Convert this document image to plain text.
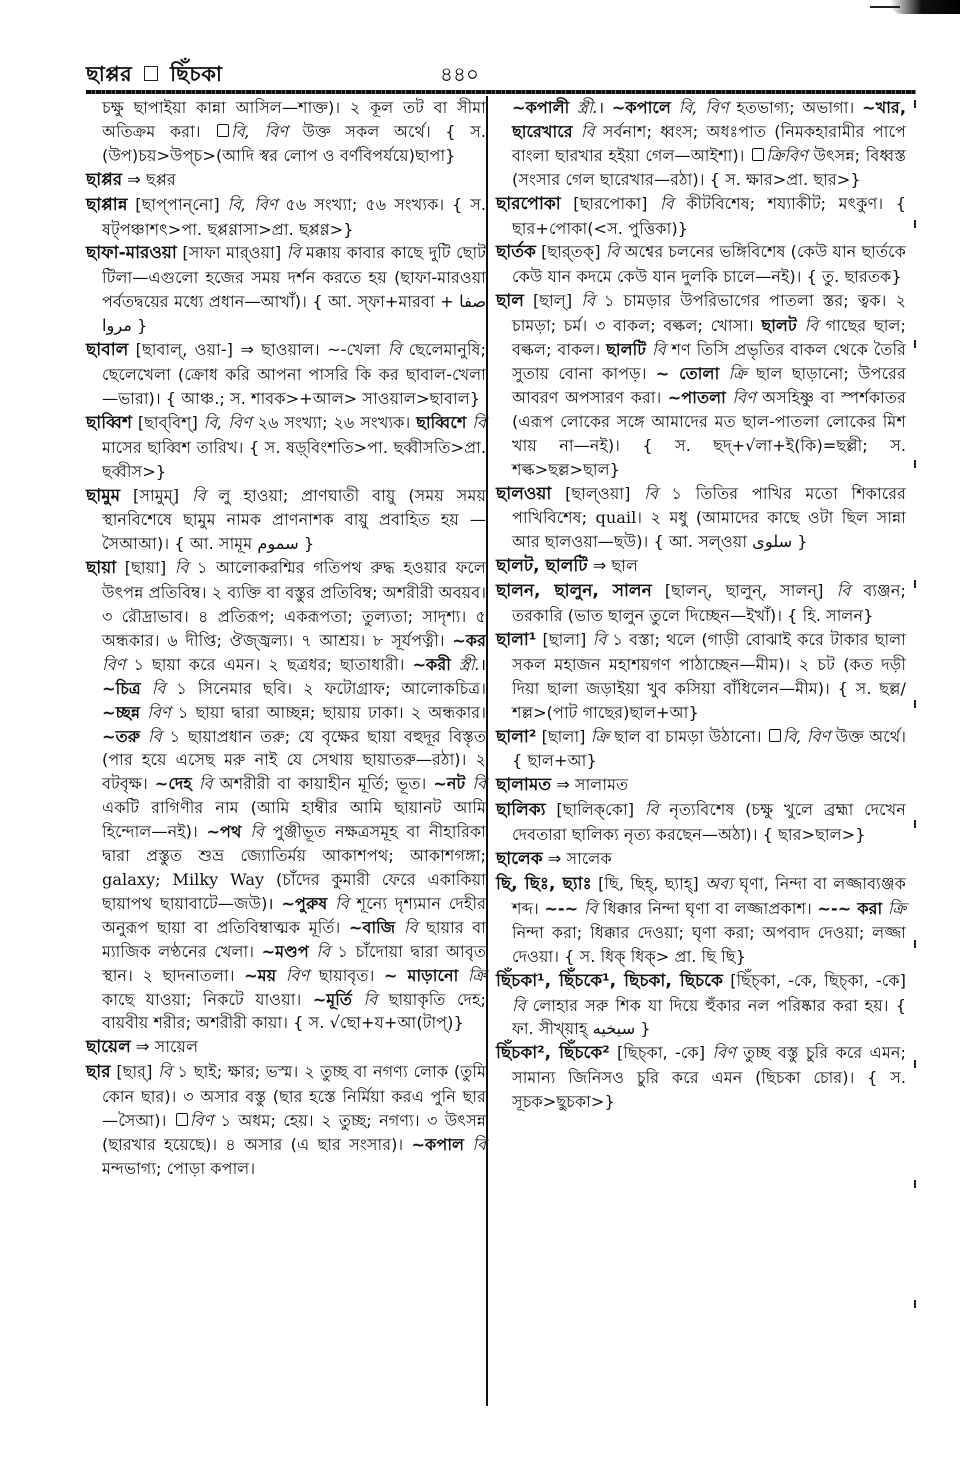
ছাপ্পর ছিঁচকা	৪৪০

চক্ষু ছাপাইয়া কান্না আসিল—শাক্ত)। ২ কূল তট বা সীমা অতিক্রম করা। বি, বিণ উক্ত সকল অর্থে। { স. (উপ)চয়>উপ্‌চ>(আদি স্বর লোপ ও বর্ণবিপর্যয়ে)ছাপা}

ছাপ্পর ⇒ ছপ্পর

ছাপ্পান্ন [ছাপ্‌পান্‌নো] বি, বিণ ৫৬ সংখ্যা; ৫৬ সংখ্যক। { স. ষট্‌পঞ্চাশৎ>পা. ছপ্পণ্ণাসা>প্রা. ছপ্পণ্ণ>}

ছাফা-মারওয়া [সাফা মার্‌ওয়া] বি মক্কায় কাবার কাছে দুটি ছোট টিলা—এগুলো হজের সময় দর্শন করতে হয় (ছাফা-মারওয়া পর্বতদ্বয়ের মধ্যে প্রধান—আখাঁ)। { আ. স্‌ফা+মারবা صفا + مروا }

ছাবাল [ছাবাল্‌, ওয়া-] ⇒ ছাওয়াল। ~-খেলা বি ছেলেমানুষি; ছেলেখেলা (ক্রোধ করি আপনা পাসরি কি কর ছাবাল-খেলা—ভারা)। { আঞ্চ.; স. শাবক>+আল> সাওয়াল>ছাবাল}

ছাব্বিশ [ছাব্‌বিশ্‌] বি, বিণ ২৬ সংখ্যা; ২৬ সংখ্যক। ছাব্বিশে বি মাসের ছাব্বিশ তারিখ। { স. ষড়্‌বিংশতি>পা. ছব্বীসতি>প্রা. ছব্বীস>}

ছামুম [সামুম্‌] বি লু হাওয়া; প্রাণঘাতী বায়ু (সময় সময় স্থানবিশেষে ছামুম নামক প্রাণনাশক বায়ু প্রবাহিত হয় —সৈআআ)। { আ. সামূম سموم }

ছায়া [ছায়া] বি ১ আলোকরশ্মির গতিপথ রুদ্ধ হওয়ার ফলে উৎপন্ন প্রতিবিম্ব। ২ ব্যক্তি বা বস্তুর প্রতিবিম্ব; অশরীরী অবয়ব। ৩ রৌদ্রাভাব। ৪ প্রতিরূপ; একরূপতা; তুল্যতা; সাদৃশ্য। ৫ অন্ধকার। ৬ দীপ্তি; ঔজ্জ্বল্য। ৭ আশ্রয়। ৮ সূর্যপত্নী। ~কর বিণ ১ ছায়া করে এমন। ২ ছত্রধর; ছাতাধারী। ~করী স্ত্রী.। ~চিত্র বি ১ সিনেমার ছবি। ২ ফটোগ্রাফ; আলোকচিত্র। ~চ্ছন্ন বিণ ১ ছায়া দ্বারা আচ্ছন্ন; ছায়ায় ঢাকা। ২ অন্ধকার। ~তরু বি ১ ছায়াপ্রধান তরু; যে বৃক্ষের ছায়া বহুদূর বিস্তৃত (পার হয়ে এসেছ মরু নাই যে সেথায় ছায়াতরু—রঠা)। ২ বটবৃক্ষ। ~দেহ বি অশরীরী বা কায়াহীন মূর্তি; ভূত। ~নট বি একটি রাগিণীর নাম (আমি হাম্বীর আমি ছায়ানট আমি হিন্দোল—নই)। ~পথ বি পুঞ্জীভূত নক্ষত্রসমূহ বা নীহারিকা দ্বারা প্রস্তুত শুভ্র জ্যোতির্ময় আকাশপথ; আকাশগঙ্গা; galaxy; Milky Way (চাঁদের কুমারী ফেরে একাকিয়া ছায়াপথ ছায়াবাটে—জউ)। ~পুরুষ বি শূন্যে দৃশ্যমান দেহীর অনুরূপ ছায়া বা প্রতিবিম্বাত্মক মূর্তি। ~বাজি বি ছায়ার বা ম্যাজিক লণ্ঠনের খেলা। ~মণ্ডপ বি ১ চাঁদোয়া দ্বারা আবৃত স্থান। ২ ছাদনাতলা। ~ময় বিণ ছায়াবৃত। ~ মাড়ানো ক্রি কাছে যাওয়া; নিকটে যাওয়া। ~মূর্তি বি ছায়াকৃতি দেহ; বায়বীয় শরীর; অশরীরী কায়া। { স. √ছো+য+আ(টাপ্‌)}

ছায়েল ⇒ সায়েল

ছার [ছার্‌] বি ১ ছাই; ক্ষার; ভস্ম। ২ তুচ্ছ বা নগণ্য লোক (তুমি কোন ছার)। ৩ অসার বস্তু (ছার হস্তে নির্মিয়া করএ পুনি ছার—সৈআ)। বিণ ১ অধম; হেয়। ২ তুচ্ছ; নগণ্য। ৩ উৎসন্ন (ছারখার হয়েছে)। ৪ অসার (এ ছার সংসার)। ~কপাল বি মন্দভাগ্য; পোড়া কপাল।

~কপালী স্ত্রী.। ~কপালে বি, বিণ হতভাগ্য; অভাগা। ~খার, ছারেখারে বি সর্বনাশ; ধ্বংস; অধঃপাত (নিমকহারামীর পাপে বাংলা ছারখার হইয়া গেল—আইশা)। ক্রিবিণ উৎসন্ন; বিধ্বস্ত (সংসার গেল ছারেখার—রঠা)। { স. ক্ষার>প্রা. ছার>}

ছারপোকা [ছারপোকা] বি কীটবিশেষ; শয্যাকীট; মৎকুণ। { ছার+পোকা(<স. পুত্তিকা)}

ছার্তক [ছার্‌তক্‌] বি অশ্বের চলনের ভঙ্গিবিশেষ (কেউ যান ছার্তকে কেউ যান কদমে কেউ যান দুলকি চালে—নই)। { তু. ছারতক}

ছাল [ছাল্‌] বি ১ চামড়ার উপরিভাগের পাতলা স্তর; ত্বক। ২ চামড়া; চর্ম। ৩ বাকল; বল্কল; খোসা। ছালট বি গাছের ছাল; বল্কল; বাকল। ছালটি বি শণ তিসি প্রভৃতির বাকল থেকে তৈরি সুতায় বোনা কাপড়। ~ তোলা ক্রি ছাল ছাড়ানো; উপরের আবরণ অপসারণ করা। ~পাতলা বিণ অসহিষ্ণু বা স্পর্শকাতর (এরূপ লোকের সঙ্গে আমাদের মত ছাল-পাতলা লোকের মিশ খায় না—নই)। { স. ছদ্‌+√লা+ই(কি)=ছল্লী; স. শল্ক>ছল্ল>ছাল}

ছালওয়া [ছাল্‌ওয়া] বি ১ তিতির পাখির মতো শিকারের পাখিবিশেষ; quail। ২ মধু (আমাদের কাছে ওটা ছিল সান্না আর ছালওয়া—ছউ)। { আ. সল্‌ওয়া سلوى }

ছালট, ছালটি ⇒ ছাল

ছালন, ছালুন, সালন [ছালন্‌, ছালুন্‌, সালন্‌] বি ব্যঞ্জন; তরকারি (ভাত ছালুন তুলে দিচ্ছেন—ইখাঁ)। { হি. সালন}

ছালা¹ [ছালা] বি ১ বস্তা; থলে (গাড়ী বোঝাই করে টাকার ছালা সকল মহাজন মহাশয়গণ পাঠাচ্ছেন—মীম)। ২ চট (কত দড়ী দিয়া ছালা জড়াইয়া খুব কসিয়া বাঁধিলেন—মীম)। { স. ছল্ল/শল্ল>(পাট গাছের)ছাল+আ}

ছালা² [ছালা] ক্রি ছাল বা চামড়া উঠানো। বি, বিণ উক্ত অর্থে। { ছাল+আ}

ছালামত ⇒ সালামত

ছালিক্য [ছালিক্‌কো] বি নৃত্যবিশেষ (চক্ষু খুলে ব্রহ্মা দেখেন দেবতারা ছালিক্য নৃত্য করছেন—অঠা)। { ছার>ছাল>}

ছালেক ⇒ সালেক

ছি, ছিঃ, ছ্যাঃ [ছি, ছিহ্‌, ছ্যাহ্‌] অব্য ঘৃণা, নিন্দা বা লজ্জাব্যঞ্জক শব্দ। ~-~ বি ধিক্কার নিন্দা ঘৃণা বা লজ্জাপ্রকাশ। ~-~ করা ক্রি নিন্দা করা; ধিক্কার দেওয়া; ঘৃণা করা; অপবাদ দেওয়া; লজ্জা দেওয়া। { স. ধিক্‌ ধিক্‌> প্রা. ছি ছি}

ছিঁচকা¹, ছিঁচকে¹, ছিচকা, ছিচকে [ছিঁচ্‌কা, -কে, ছিচ্‌কা, -কে] বি লোহার সরু শিক যা দিয়ে হুঁকার নল পরিষ্কার করা হয়। { ফা. সীখ্‌য়াহ্‌ سیخیه }

ছিঁচকা², ছিঁচকে² [ছিচ্‌কা, -কে] বিণ তুচ্ছ বস্তু চুরি করে এমন; সামান্য জিনিসও চুরি করে এমন (ছিচকা চোর)। { স. সূচক>ছুচকা>}
